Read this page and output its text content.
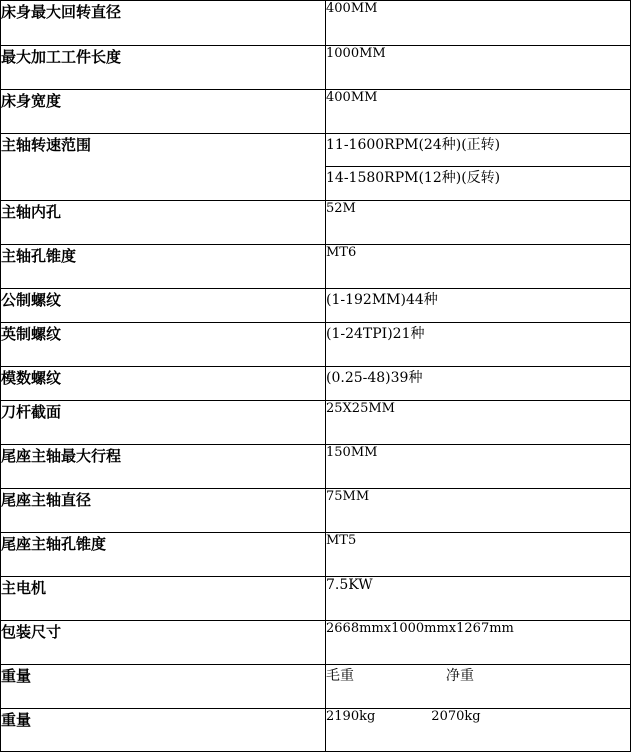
床身最大回转直径	400MM
最大加工工件长度	1000MM
床身宽度	400MM
主轴转速范围	11-1600RPM(24种)(正转)
	14-1580RPM(12种)(反转)
主轴内孔	52M
主轴孔锥度	MT6
公制螺纹	(1-192MM)44种
英制螺纹	(1-24TPI)21种
模数螺纹	(0.25-48)39种
刀杆截面	25X25MM
尾座主轴最大行程	150MM
尾座主轴直径	75MM
尾座主轴孔锥度	MT5
主电机	7.5KW
包装尺寸	2668mmx1000mmx1267mm
重量	毛重 净重
重量	2190kg 2070kg
